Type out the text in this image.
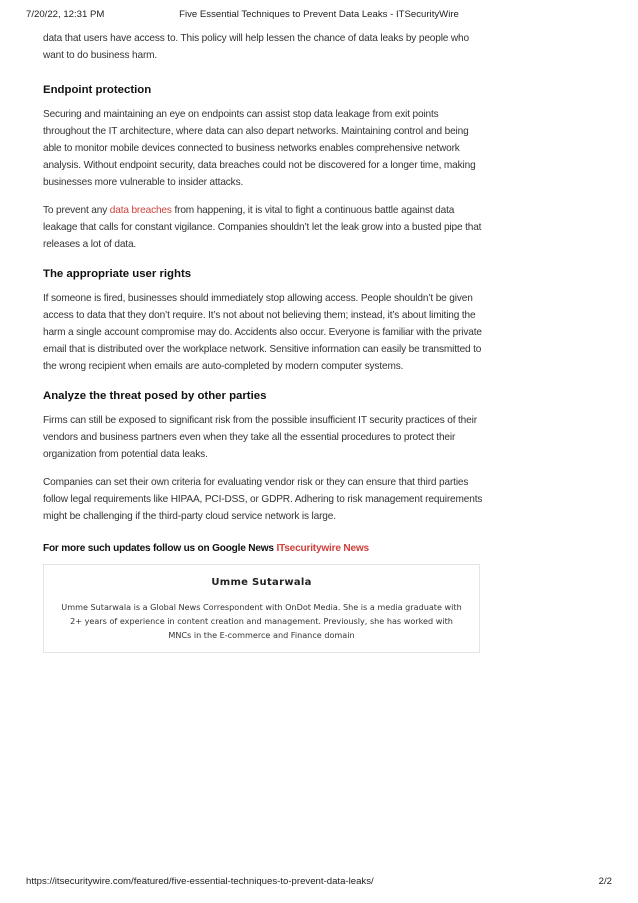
7/20/22, 12:31 PM	Five Essential Techniques to Prevent Data Leaks - ITSecurityWire

data that users have access to. This policy will help lessen the chance of data leaks by people who want to do business harm.

Endpoint protection

Securing and maintaining an eye on endpoints can assist stop data leakage from exit points throughout the IT architecture, where data can also depart networks. Maintaining control and being able to monitor mobile devices connected to business networks enables comprehensive network analysis. Without endpoint security, data breaches could not be discovered for a longer time, making businesses more vulnerable to insider attacks.

To prevent any data breaches from happening, it is vital to fight a continuous battle against data leakage that calls for constant vigilance. Companies shouldn’t let the leak grow into a busted pipe that releases a lot of data.

The appropriate user rights

If someone is fired, businesses should immediately stop allowing access. People shouldn’t be given access to data that they don’t require. It’s not about not believing them; instead, it’s about limiting the harm a single account compromise may do. Accidents also occur. Everyone is familiar with the private email that is distributed over the workplace network. Sensitive information can easily be transmitted to the wrong recipient when emails are auto-completed by modern computer systems.

Analyze the threat posed by other parties

Firms can still be exposed to significant risk from the possible insufficient IT security practices of their vendors and business partners even when they take all the essential procedures to protect their organization from potential data leaks.

Companies can set their own criteria for evaluating vendor risk or they can ensure that third parties follow legal requirements like HIPAA, PCI-DSS, or GDPR. Adhering to risk management requirements might be challenging if the third-party cloud service network is large.

For more such updates follow us on Google News ITsecuritywire News

Umme Sutarwala
Umme Sutarwala is a Global News Correspondent with OnDot Media. She is a media graduate with 2+ years of experience in content creation and management. Previously, she has worked with MNCs in the E-commerce and Finance domain
https://itsecuritywire.com/featured/five-essential-techniques-to-prevent-data-leaks/	2/2
